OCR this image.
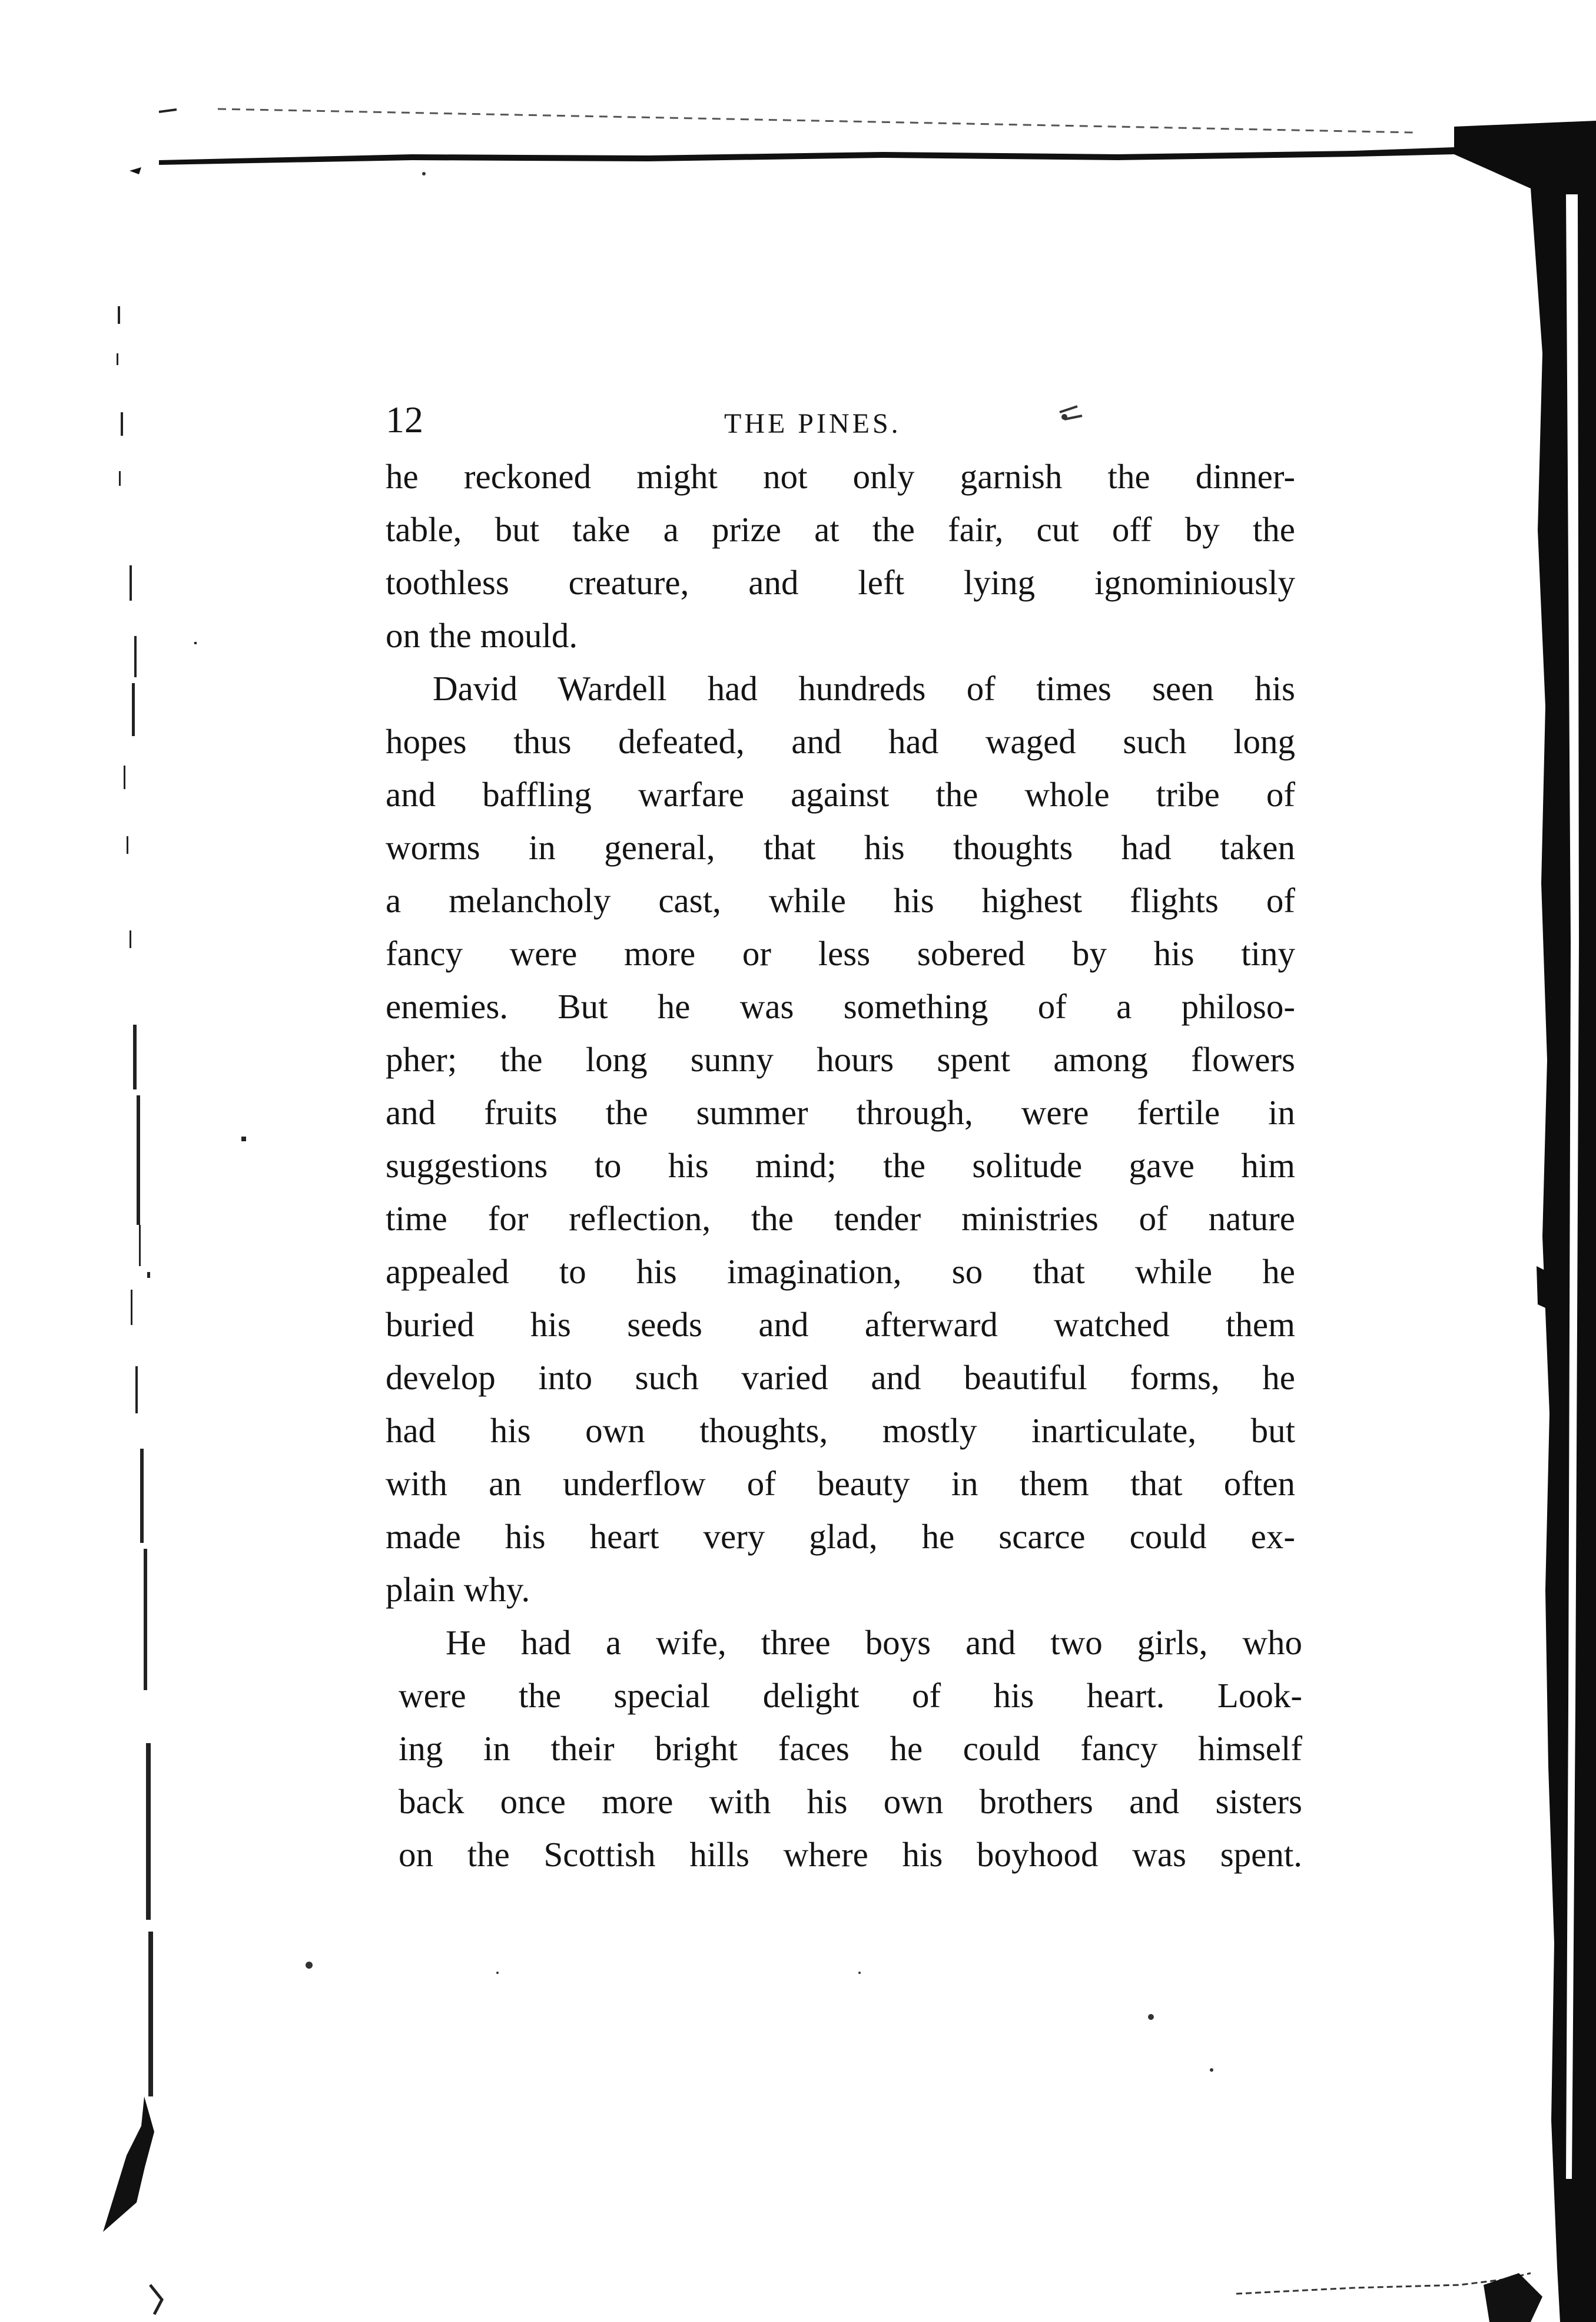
12	THE PINES.

he reckoned might not only garnish the dinner-
table, but take a prize at the fair, cut off by the
toothless creature, and left lying ignominiously
on the mould.

David Wardell had hundreds of times seen his
hopes thus defeated, and had waged such long
and baffling warfare against the whole tribe of
worms in general, that his thoughts had taken
a melancholy cast, while his highest flights of
fancy were more or less sobered by his tiny
enemies. But he was something of a philoso-
pher; the long sunny hours spent among flowers
and fruits the summer through, were fertile in
suggestions to his mind; the solitude gave him
time for reflection, the tender ministries of nature
appealed to his imagination, so that while he
buried his seeds and afterward watched them
develop into such varied and beautiful forms, he
had his own thoughts, mostly inarticulate, but
with an underflow of beauty in them that often
made his heart very glad, he scarce could ex-
plain why.

He had a wife, three boys and two girls, who
were the special delight of his heart. Look-
ing in their bright faces he could fancy himself
back once more with his own brothers and sisters
on the Scottish hills where his boyhood was spent.
